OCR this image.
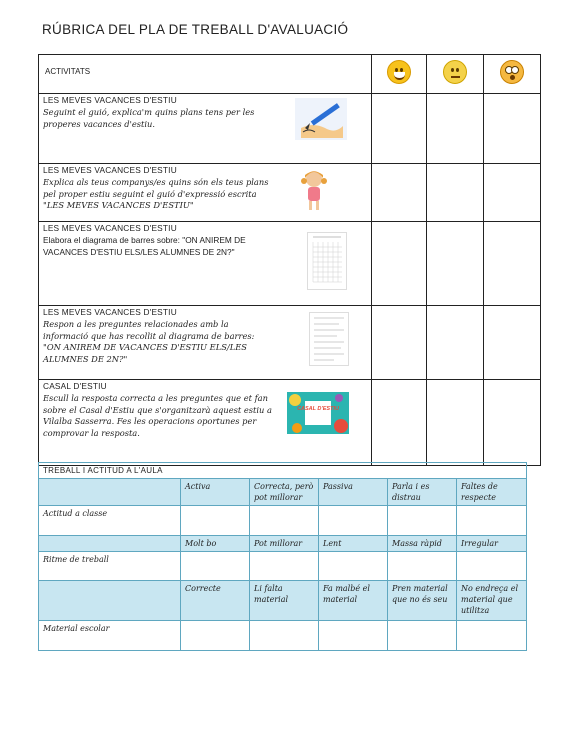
RÚBRICA DEL PLA DE TREBALL D'AVALUACIÓ
ACTIVITATS	

LES MEVES VACANCES D'ESTIU
Seguint el guió, explica'm quins plans tens per les properes vacances d'estiu.			

LES MEVES VACANCES D'ESTIU
Explica als teus companys/es quins són els teus plans pel proper estiu seguint el guió d'expressió escrita "LES MEVES VACANCES D'ESTIU"			

LES MEVES VACANCES D'ESTIU
Elabora el diagrama de barres sobre: "ON ANIREM DE VACANCES D'ESTIU ELS/LES ALUMNES DE 2N?"			

LES MEVES VACANCES D'ESTIU
Respon a les preguntes relacionades amb la informació que has recollit al diagrama de barres: "ON ANIREM DE VACANCES D'ESTIU ELS/LES ALUMNES DE 2N?"			

CASAL D'ESTIU
Escull la resposta correcta a les preguntes que et fan sobre el Casal d'Estiu que s'organitzarà aquest estiu a Vilalba Sasserra. Fes les operacions oportunes per comprovar la resposta.
CASAL D'ESTIU			

TREBALL I ACTITUD A L'AULA					
	Activa	Correcta, però pot millorar	Passiva	Parla i es distrau	Faltes de respecte
Actitud a classe					
	Molt bo	Pot millorar	Lent	Massa ràpid	Irregular
Ritme de treball					
	Correcte	Li falta material	Fa malbé el material	Pren material que no és seu	No endreça el material que utilitza
Material escolar					
